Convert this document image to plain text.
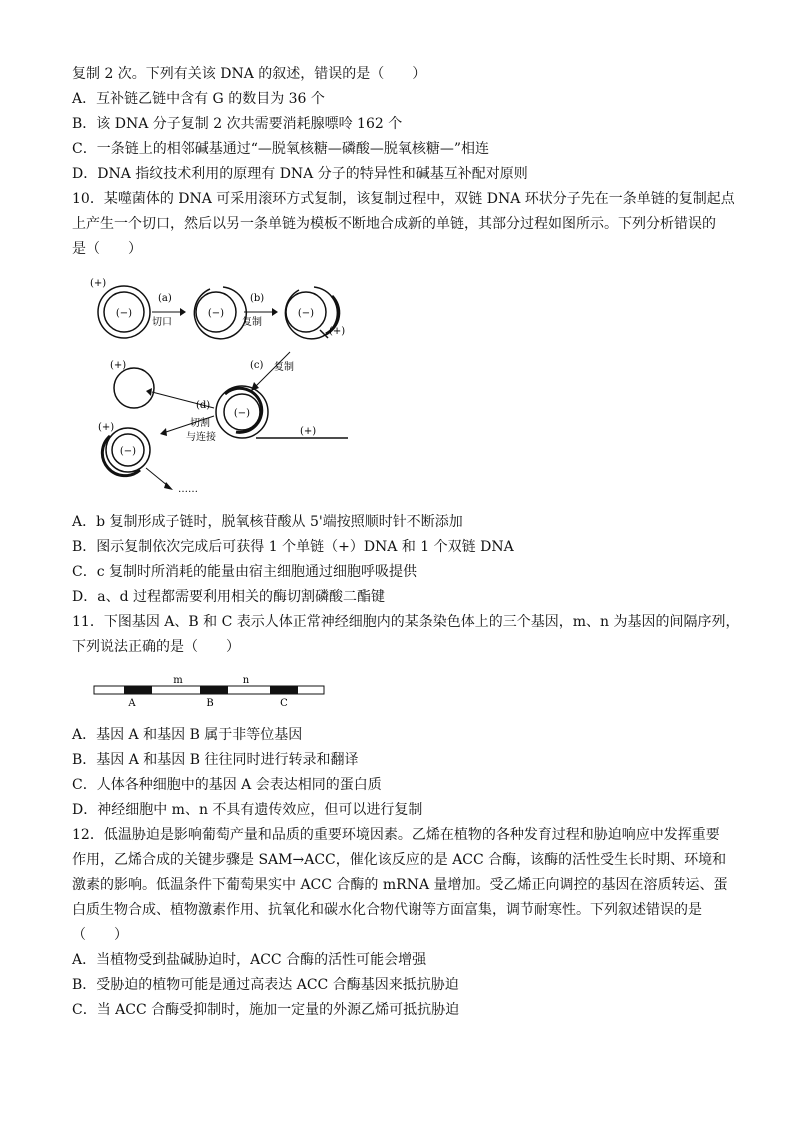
复制 2 次。下列有关该 DNA 的叙述，错误的是（　　）
A．互补链乙链中含有 G 的数目为 36 个
B．该 DNA 分子复制 2 次共需要消耗腺嘌呤 162 个
C．一条链上的相邻碱基通过“—脱氧核糖—磷酸—脱氧核糖—”相连
D．DNA 指纹技术利用的原理有 DNA 分子的特异性和碱基互补配对原则
10．某噬菌体的 DNA 可采用滚环方式复制，该复制过程中，双链 DNA 环状分子先在一条单链的复制起点
上产生一个切口，然后以另一条单链为模板不断地合成新的单链，其部分过程如图所示。下列分析错误的
是（　　）
(−)
(+)
(a)
切口
(−)
(b)
复制
(−)
(+)
(c) 复制
(−)
(+)
(d)
切割
与连接
(+)
(−)
(+)
……
A．b 复制形成子链时，脱氧核苷酸从 5'端按照顺时针不断添加
B．图示复制依次完成后可获得 1 个单链（+）DNA 和 1 个双链 DNA
C．c 复制时所消耗的能量由宿主细胞通过细胞呼吸提供
D．a、d 过程都需要利用相关的酶切割磷酸二酯键
11．下图基因 A、B 和 C 表示人体正常神经细胞内的某条染色体上的三个基因，m、n 为基因的间隔序列，
下列说法正确的是（　　）
m	n
A	B	C
A．基因 A 和基因 B 属于非等位基因
B．基因 A 和基因 B 往往同时进行转录和翻译
C．人体各种细胞中的基因 A 会表达相同的蛋白质
D．神经细胞中 m、n 不具有遗传效应，但可以进行复制
12．低温胁迫是影响葡萄产量和品质的重要环境因素。乙烯在植物的各种发育过程和胁迫响应中发挥重要
作用，乙烯合成的关键步骤是 SAM→ACC，催化该反应的是 ACC 合酶，该酶的活性受生长时期、环境和
激素的影响。低温条件下葡萄果实中 ACC 合酶的 mRNA 量增加。受乙烯正向调控的基因在溶质转运、蛋
白质生物合成、植物激素作用、抗氧化和碳水化合物代谢等方面富集，调节耐寒性。下列叙述错误的是
（　　）
A．当植物受到盐碱胁迫时，ACC 合酶的活性可能会增强
B．受胁迫的植物可能是通过高表达 ACC 合酶基因来抵抗胁迫
C．当 ACC 合酶受抑制时，施加一定量的外源乙烯可抵抗胁迫
